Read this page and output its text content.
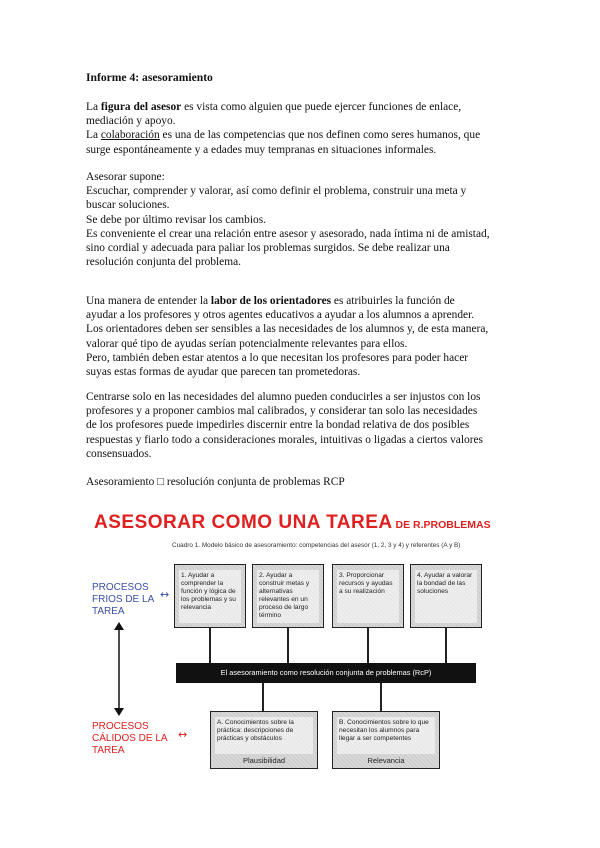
Informe 4: asesoramiento

La figura del asesor es vista como alguien que puede ejercer funciones de enlace,

mediación y apoyo.

La colaboración es una de las competencias que nos definen como seres humanos, que

surge espontáneamente y a edades muy tempranas en situaciones informales.

Asesorar supone:

Escuchar, comprender y valorar, así como definir el problema, construir una meta y

buscar soluciones.

Se debe por último revisar los cambios.

Es conveniente el crear una relación entre asesor y asesorado, nada íntima ni de amistad,

sino cordial y adecuada para paliar los problemas surgidos. Se debe realizar una

resolución conjunta del problema.

Una manera de entender la labor de los orientadores es atribuirles la función de

ayudar a los profesores y otros agentes educativos a ayudar a los alumnos a aprender.

Los orientadores deben ser sensibles a las necesidades de los alumnos y, de esta manera,

valorar qué tipo de ayudas serían potencialmente relevantes para ellos.

Pero, también deben estar atentos a lo que necesitan los profesores para poder hacer

suyas estas formas de ayudar que parecen tan prometedoras.

Centrarse solo en las necesidades del alumno pueden conducirles a ser injustos con los

profesores y a proponer cambios mal calibrados, y considerar tan solo las necesidades

de los profesores puede impedirles discernir entre la bondad relativa de dos posibles

respuestas y fiarlo todo a consideraciones morales, intuitivas o ligadas a ciertos valores

consensuados.

Asesoramiento □ resolución conjunta de problemas RCP

ASESORAR COMO UNA TAREA DE R.PROBLEMAS
Cuadro 1. Modelo básico de asesoramiento: competencias del asesor (1, 2, 3 y 4) y referentes (A y B)
PROCESOS
FRIOS DE LA
TAREA
↔
PROCESOS
CÁLIDOS DE LA
TAREA
↔
1. Ayudar a comprender la función y lógica de los problemas y su relevancia
2. Ayudar a construir metas y alternativas relevantes en un proceso de largo término
3. Proporcionar recursos y ayudas a su realización
4. Ayudar a valorar la bondad de las soluciones
El asesoramiento como resolución conjunta de problemas (RcP)
A. Conocimientos sobre la práctica: descripciones de prácticas y obstáculos
Plausibilidad
B. Conocimientos sobre lo que necesitan los alumnos para llegar a ser competentes
Relevancia
